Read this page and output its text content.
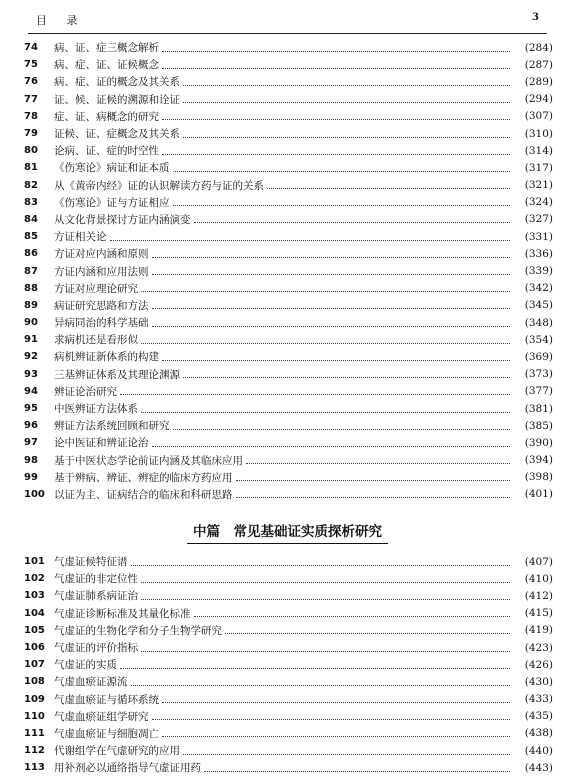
目 录	3
74	病、证、症三概念解析	(284)
75	病、症、证、证候概念	(287)
76	病、症、证的概念及其关系	(289)
77	证、候、证候的溯源和诠证	(294)
78	症、证、病概念的研究	(307)
79	证候、证、症概念及其关系	(310)
80	论病、证、症的时空性	(314)
81	《伤寒论》病证和证本质	(317)
82	从《黄帝内经》证的认识解读方药与证的关系	(321)
83	《伤寒论》证与方证相应	(324)
84	从文化背景探讨方证内涵演变	(327)
85	方证相关论	(331)
86	方证对应内涵和原则	(336)
87	方证内涵和应用法则	(339)
88	方证对应理论研究	(342)
89	病证研究思路和方法	(345)
90	异病同治的科学基础	(348)
91	求病机还是看形似	(354)
92	病机辨证新体系的构建	(369)
93	三基辨证体系及其理论渊源	(373)
94	辨证论治研究	(377)
95	中医辨证方法体系	(381)
96	辨证方法系统回顾和研究	(385)
97	论中医证和辨证论治	(390)
98	基于中医状态学论前证内涵及其临床应用	(394)
99	基于辨病、辨证、辨症的临床方药应用	(398)
100 以证为主、证病结合的临床和科研思路	(401)
中篇　常见基础证实质探析研究
101 气虚证候特征谱	(407)
102 气虚证的非定位性	(410)
103 气虚证肺系病证治	(412)
104 气虚证诊断标准及其量化标准	(415)
105 气虚证的生物化学和分子生物学研究	(419)
106 气虚证的评价指标	(423)
107 气虚证的实质	(426)
108 气虚血瘀证源流	(430)
109 气虚血瘀证与循环系统	(433)
110 气虚血瘀证组学研究	(435)
111 气虚血瘀证与细胞凋亡	(438)
112 代谢组学在气虚研究的应用	(440)
113 用补剂必以通络指导气虚证用药	(443)
